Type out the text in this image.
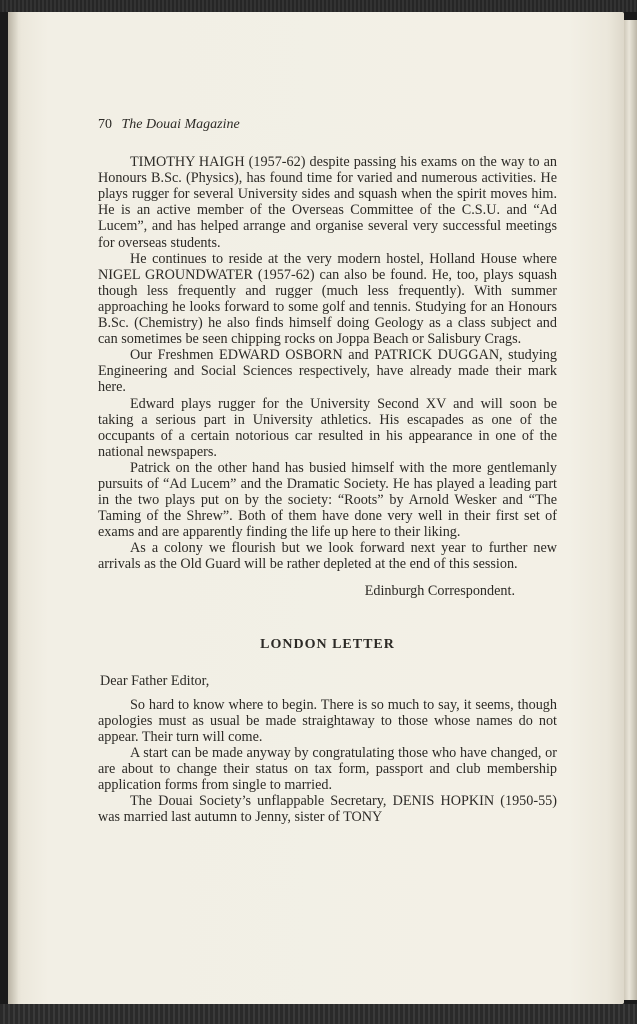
70 The Douai Magazine

TIMOTHY HAIGH (1957-62) despite passing his exams on the way to an Honours B.Sc. (Physics), has found time for varied and numerous activities. He plays rugger for several University sides and squash when the spirit moves him. He is an active member of the Overseas Committee of the C.S.U. and “Ad Lucem”, and has helped arrange and organise several very successful meetings for overseas students.

He continues to reside at the very modern hostel, Holland House where NIGEL GROUNDWATER (1957-62) can also be found. He, too, plays squash though less frequently and rugger (much less frequently). With summer approaching he looks forward to some golf and tennis. Studying for an Honours B.Sc. (Chemistry) he also finds himself doing Geology as a class subject and can sometimes be seen chipping rocks on Joppa Beach or Salisbury Crags.

Our Freshmen EDWARD OSBORN and PATRICK DUGGAN, studying Engineering and Social Sciences respectively, have already made their mark here.

Edward plays rugger for the University Second XV and will soon be taking a serious part in University athletics. His escapades as one of the occupants of a certain notorious car resulted in his appearance in one of the national newspapers.

Patrick on the other hand has busied himself with the more gentlemanly pursuits of “Ad Lucem” and the Dramatic Society. He has played a leading part in the two plays put on by the society: “Roots” by Arnold Wesker and “The Taming of the Shrew”. Both of them have done very well in their first set of exams and are apparently finding the life up here to their liking.

As a colony we flourish but we look forward next year to further new arrivals as the Old Guard will be rather depleted at the end of this session.

Edinburgh Correspondent.
LONDON LETTER
Dear Father Editor,

So hard to know where to begin. There is so much to say, it seems, though apologies must as usual be made straightaway to those whose names do not appear. Their turn will come.

A start can be made anyway by congratulating those who have changed, or are about to change their status on tax form, passport and club membership application forms from single to married.

The Douai Society’s unflappable Secretary, DENIS HOPKIN (1950-55) was married last autumn to Jenny, sister of TONY
